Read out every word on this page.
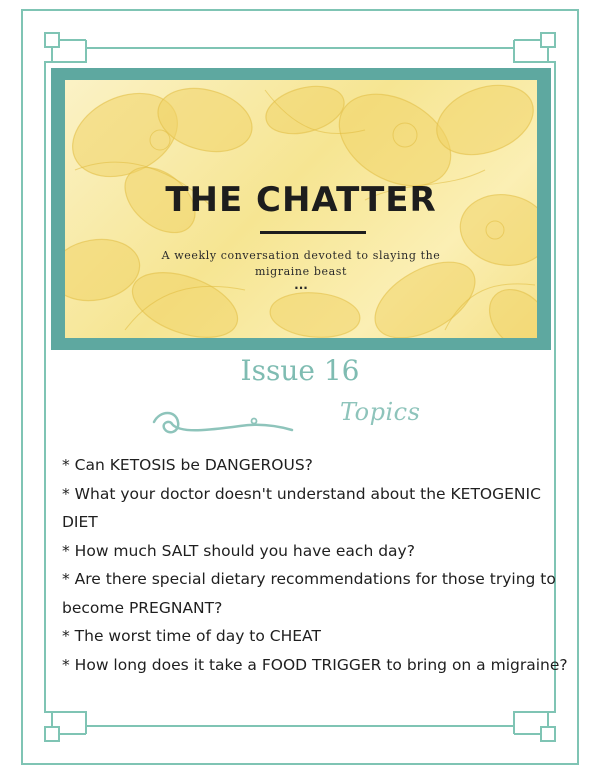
THE CHATTER
A weekly conversation devoted to slaying the migraine beast
...
Issue 16
Topics
* Can KETOSIS be DANGEROUS?
* What your doctor doesn't understand about the KETOGENIC DIET
* How much SALT should you have each day?
* Are there special dietary recommendations for those trying to become PREGNANT?
* The worst time of day to CHEAT
* How long does it take a FOOD TRIGGER to bring on a migraine?
